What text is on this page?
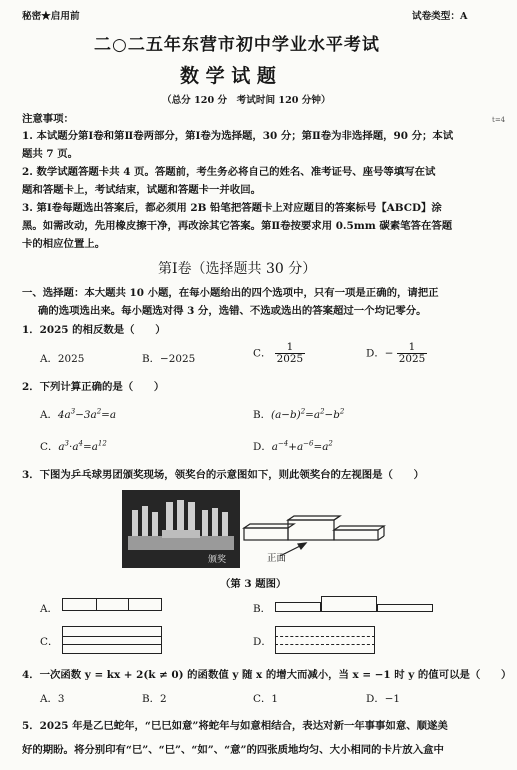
秘密★启用前	试卷类型：A
二○二五年东营市初中学业水平考试
数 学 试 题
（总分 120 分　考试时间 120 分钟）
t=4
注意事项：
1. 本试题分第Ⅰ卷和第Ⅱ卷两部分，第Ⅰ卷为选择题，30 分；第Ⅱ卷为非选择题，90 分；本试
题共 7 页。
2. 数学试题答题卡共 4 页。答题前，考生务必将自己的姓名、准考证号、座号等填写在试
题和答题卡上，考试结束，试题和答题卡一并收回。
3. 第Ⅰ卷每题选出答案后，都必须用 2B 铅笔把答题卡上对应题目的答案标号【ABCD】涂
黑。如需改动，先用橡皮擦干净，再改涂其它答案。第Ⅱ卷按要求用 0.5mm 碳素笔答在答题
卡的相应位置上。
第Ⅰ卷（选择题共 30 分）
一、选择题：本大题共 10 小题，在每小题给出的四个选项中，只有一项是正确的，请把正
确的选项选出来。每小题选对得 3 分，选错、不选或选出的答案超过一个均记零分。
1．2025 的相反数是（　　）
A．2025	B．−2025	C． $\frac{1}{2025}$	D．− $\frac{1}{2025}$
2．下列计算正确的是（　　）
A．$4a^3-3a^2=a$	B．$(a-b)^2=a^2-b^2$
C．$a^3\cdot a^4=a^{12}$	D．$a^{-4}+a^{-6}=a^2$
3．下图为乒乓球男团颁奖现场，领奖台的示意图如下，则此领奖台的左视图是（　　）
颁奖	正面
（第 3 题图）
A．	B．
C．	D．
4．一次函数 y = kx + 2(k ≠ 0) 的函数值 y 随 x 的增大而减小，当 x = −1 时 y 的值可以是（　　）
A．3	B．2	C．1	D．−1
5．2025 年是乙巳蛇年，“巳巳如意”将蛇年与如意相结合，表达对新一年事事如意、顺遂美
好的期盼。将分别印有“巳”、“巳”、“如”、“意”的四张质地均匀、大小相同的卡片放入盒中
